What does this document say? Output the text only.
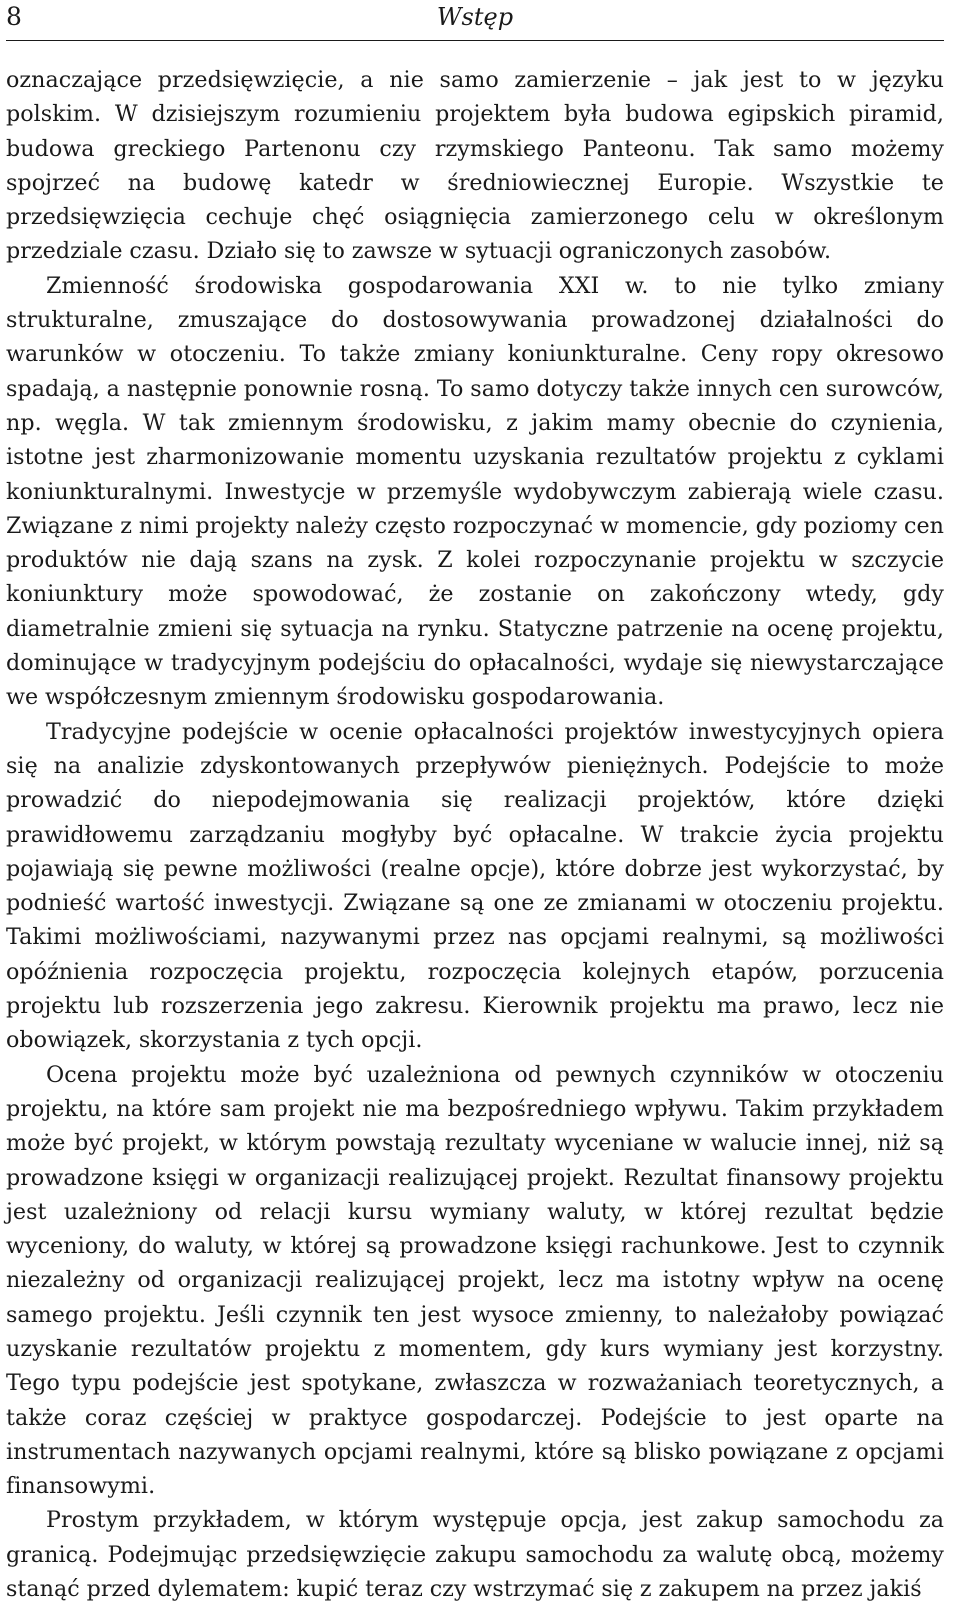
8	Wstęp

oznaczające przedsięwzięcie, a nie samo zamierzenie – jak jest to w języku polskim. W dzisiejszym rozumieniu projektem była budowa egipskich piramid, budowa greckiego Partenonu czy rzymskiego Panteonu. Tak samo możemy spojrzeć na budowę katedr w średniowiecznej Europie. Wszystkie te przedsięwzięcia cechuje chęć osiągnięcia zamierzonego celu w określonym przedziale czasu. Działo się to zawsze w sytuacji ograniczonych zasobów.

Zmienność środowiska gospodarowania XXI w. to nie tylko zmiany strukturalne, zmuszające do dostosowywania prowadzonej działalności do warunków w otoczeniu. To także zmiany koniunkturalne. Ceny ropy okresowo spadają, a następnie ponownie rosną. To samo dotyczy także innych cen surowców, np. węgla. W tak zmiennym środowisku, z jakim mamy obecnie do czynienia, istotne jest zharmonizowanie momentu uzyskania rezultatów projektu z cyklami koniunkturalnymi. Inwestycje w przemyśle wydobywczym zabierają wiele czasu. Związane z nimi projekty należy często rozpoczynać w momencie, gdy poziomy cen produktów nie dają szans na zysk. Z kolei rozpoczynanie projektu w szczycie koniunktury może spowodować, że zostanie on zakończony wtedy, gdy diametralnie zmieni się sytuacja na rynku. Statyczne patrzenie na ocenę projektu, dominujące w tradycyjnym podejściu do opłacalności, wydaje się niewystarczające we współczesnym zmiennym środowisku gospodarowania.

Tradycyjne podejście w ocenie opłacalności projektów inwestycyjnych opiera się na analizie zdyskontowanych przepływów pieniężnych. Podejście to może prowadzić do niepodejmowania się realizacji projektów, które dzięki prawidłowemu zarządzaniu mogłyby być opłacalne. W trakcie życia projektu pojawiają się pewne możliwości (realne opcje), które dobrze jest wykorzystać, by podnieść wartość inwestycji. Związane są one ze zmianami w otoczeniu projektu. Takimi możliwościami, nazywanymi przez nas opcjami realnymi, są możliwości opóźnienia rozpoczęcia projektu, rozpoczęcia kolejnych etapów, porzucenia projektu lub rozszerzenia jego zakresu. Kierownik projektu ma prawo, lecz nie obowiązek, skorzystania z tych opcji.

Ocena projektu może być uzależniona od pewnych czynników w otoczeniu projektu, na które sam projekt nie ma bezpośredniego wpływu. Takim przykładem może być projekt, w którym powstają rezultaty wyceniane w walucie innej, niż są prowadzone księgi w organizacji realizującej projekt. Rezultat finansowy projektu jest uzależniony od relacji kursu wymiany waluty, w której rezultat będzie wyceniony, do waluty, w której są prowadzone księgi rachunkowe. Jest to czynnik niezależny od organizacji realizującej projekt, lecz ma istotny wpływ na ocenę samego projektu. Jeśli czynnik ten jest wysoce zmienny, to należałoby powiązać uzyskanie rezultatów projektu z momentem, gdy kurs wymiany jest korzystny. Tego typu podejście jest spotykane, zwłaszcza w rozważaniach teoretycznych, a także coraz częściej w praktyce gospodarczej. Podejście to jest oparte na instrumentach nazywanych opcjami realnymi, które są blisko powiązane z opcjami finansowymi.

Prostym przykładem, w którym występuje opcja, jest zakup samochodu za granicą. Podejmując przedsięwzięcie zakupu samochodu za walutę obcą, możemy stanąć przed dylematem: kupić teraz czy wstrzymać się z zakupem na przez jakiś
